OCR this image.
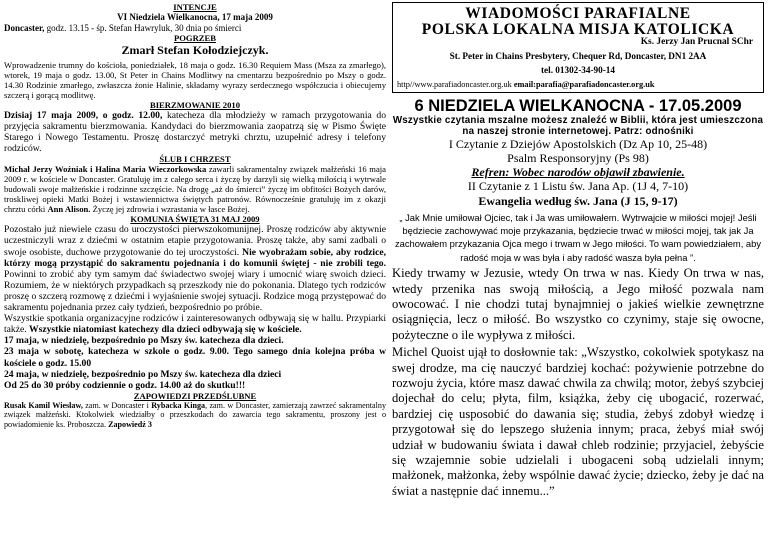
INTENCJE
VI Niedziela Wielkanocna, 17 maja 2009
Doncaster, godz. 13.15 - śp. Stefan Hawryluk, 30 dnia po śmierci
POGRZEB
Zmarł Stefan Kołodziejczyk.

Wprowadzenie trumny do kościoła, poniedziałek, 18 maja o godz. 16.30 Requiem Mass (Msza za zmarłego), wtorek, 19 maja o godz. 13.00, St Peter in Chains Modlitwy na cmentarzu bezpośrednio po Mszy o godz. 14.30 Rodzinie zmarłego, zwłaszcza żonie Halinie, składamy wyrazy serdecznego współczucia i obiecujemy szczerą i gorącą modlitwę.

BIERZMOWANIE 2010

Dzisiaj 17 maja 2009, o godz. 12.00, katecheza dla młodzieży w ramach przygotowania do przyjęcia sakramentu bierzmowania. Kandydaci do bierzmowania zaopatrzą się w Pismo Święte Starego i Nowego Testamentu. Proszę dostarczyć metryki chrztu, uzupełnić adresy i telefony rodziców.

ŚLUB I CHRZEST

Michał Jerzy Woźniak i Halina Maria Wieczorkowska zawarli sakramentalny związek małżeński 16 maja 2009 r. w kościele w Doncaster. Gratuluję im z całego serca i życzę by darzyli się wielką miłością i wytrwale budowali swoje małżeńskie i rodzinne szczęście. Na drogę „aż do śmierci” życzę im obfitości Bożych darów, troskliwej opieki Matki Bożej i wstawiennictwa świętych patronów. Równocześnie gratuluję im z okazji chrztu córki Ann Alison. Życzę jej zdrowia i wzrastania w łasce Bożej.

KOMUNIA ŚWIĘTA 31 MAJ 2009

Pozostało już niewiele czasu do uroczystości pierwszokomunijnej. Proszę rodziców aby aktywnie uczestniczyli wraz z dziećmi w ostatnim etapie przygotowania. Proszę także, aby sami zadbali o swoje osobiste, duchowe przygotowanie do tej uroczystości. Nie wyobrażam sobie, aby rodzice, którzy mogą przystąpić do sakramentu pojednania i do komunii świętej - nie zrobili tego. Powinni to zrobić aby tym samym dać świadectwo swojej wiary i umocnić wiarę swoich dzieci. Rozumiem, że w niektórych przypadkach są przeszkody nie do pokonania. Dlatego tych rodziców proszę o szczerą rozmowę z dziećmi i wyjaśnienie swojej sytuacji. Rodzice mogą przystępować do sakramentu pojednania przez cały tydzień, bezpośrednio po próbie.

Wszystkie spotkania organizacyjne rodziców i zainteresowanych odbywają się w hallu. Przypiarki także. Wszystkie niatomiast katechezy dla dzieci odbywają się w kościele.

17 maja, w niedzielę, bezpośrednio po Mszy św. katecheza dla dzieci.

23 maja w sobotę, katecheza w szkole o godz. 9.00. Tego samego dnia kolejna próba w kościele o godz. 15.00

24 maja, w niedzielę, bezpośrednio po Mszy św. katecheza dla dzieci

Od 25 do 30 próby codziennie o godz. 14.00 aż do skutku!!!

ZAPOWIEDZI PRZEDŚLUBNE

Rusak Kamil Wiesław, zam. w Doncaster i Rybacka Kinga, zam. w Doncaster, zamierzają zawrzeć sakramentalny związek małżeński. Ktokolwiek wiedziałby o przeszkodach do zawarcia tego sakramentu, proszony jest o powiadomienie ks. Proboszcza. Zapowiedź 3

WIADOMOŚCI PARAFIALNE
POLSKA LOKALNA MISJA KATOLICKA
Ks. Jerzy Jan Prucnal SChr
St. Peter in Chains Presbytery, Chequer Rd, Doncaster, DN1 2AA
tel. 01302-34-90-14
http//www.parafiadoncaster.org.uk email:parafia@parafiadoncaster.org.uk
6 NIEDZIELA WIELKANOCNA - 17.05.2009
Wszystkie czytania mszalne możesz znaleźć w Biblii, która jest umieszczona na naszej stronie internetowej. Patrz: odnośniki
I Czytanie z Dziejów Apostolskich (Dz Ap 10, 25-48)
Psalm Responsoryjny (Ps 98)
Refren: Wobec narodów objawił zbawienie.
II Czytanie z 1 Listu św. Jana Ap. (1J 4, 7-10)
Ewangelia według św. Jana (J 15, 9-17)
„ Jak Mnie umiłował Ojciec, tak i Ja was umiłowałem. Wytrwajcie w miłości mojej! Jeśli będziecie zachowywać moje przykazania, będziecie trwać w miłości mojej, tak jak Ja zachowałem przykazania Ojca mego i trwam w Jego miłości. To wam powiedziałem, aby radość moja w was była i aby radość wasza była pełna ”.

Kiedy trwamy w Jezusie, wtedy On trwa w nas. Kiedy On trwa w nas, wtedy przenika nas swoją miłością, a Jego miłość pozwala nam owocować. I nie chodzi tutaj bynajmniej o jakieś wielkie zewnętrzne osiągnięcia, lecz o miłość. Bo wszystko co czynimy, staje się owocne, pożyteczne o ile wypływa z miłości.

Michel Quoist ujął to dosłownie tak: „Wszystko, cokolwiek spotykasz na swej drodze, ma cię nauczyć bardziej kochać: pożywienie potrzebne do rozwoju życia, które masz dawać chwila za chwilą; motor, żebyś szybciej dojechał do celu; płyta, film, książka, żeby cię ubogacić, rozerwać, bardziej cię usposobić do dawania się; studia, żebyś zdobył wiedzę i przygotował się do lepszego służenia innym; praca, żebyś miał swój udział w budowaniu świata i dawał chleb rodzinie; przyjaciel, żebyście się wzajemnie sobie udzielali i ubogaceni sobą udzielali innym; małżonek, małżonka, żeby wspólnie dawać życie; dziecko, żeby je dać na świat a następnie dać innemu...”
